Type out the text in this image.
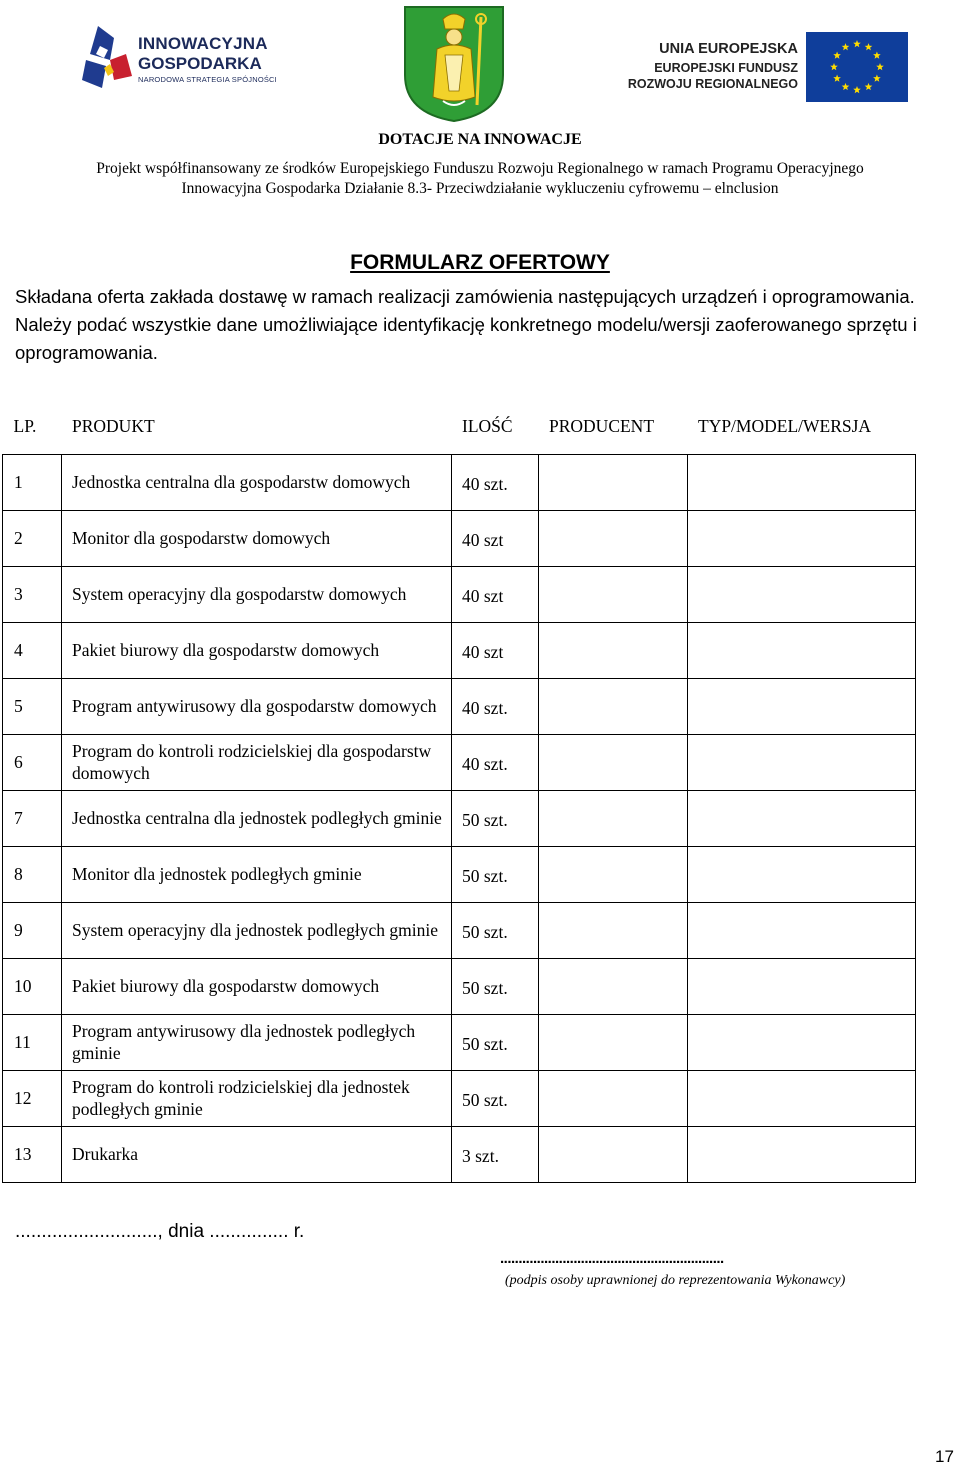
INNOWACYJNA
GOSPODARKA
NARODOWA STRATEGIA SPÓJNOŚCI
UNIA EUROPEJSKA
EUROPEJSKI FUNDUSZ
ROZWOJU REGIONALNEGO
DOTACJE NA INNOWACJE
Projekt współfinansowany ze środków Europejskiego Funduszu Rozwoju Regionalnego w ramach Programu Operacyjnego
Innowacyjna Gospodarka Działanie 8.3- Przeciwdziałanie wykluczeniu cyfrowemu – elnclusion
FORMULARZ OFERTOWY
Składana oferta zakłada dostawę w ramach realizacji zamówienia następujących urządzeń i oprogramowania. Należy podać wszystkie dane umożliwiające identyfikację konkretnego modelu/wersji zaoferowanego sprzętu i oprogramowania.
LP.	PRODUKT	ILOŚĆ	PRODUCENT	TYP/MODEL/WERSJA
1	Jednostka centralna dla gospodarstw domowych	40 szt.		
2	Monitor dla gospodarstw domowych	40 szt		
3	System operacyjny dla gospodarstw domowych	40 szt		
4	Pakiet biurowy dla gospodarstw domowych	40 szt		
5	Program antywirusowy dla gospodarstw domowych	40 szt.		
6	Program do kontroli rodzicielskiej dla gospodarstw domowych	40 szt.		
7	Jednostka centralna dla jednostek podległych gminie	50 szt.		
8	Monitor dla jednostek podległych gminie	50 szt.		
9	System operacyjny dla jednostek podległych gminie	50 szt.		
10	Pakiet biurowy dla gospodarstw domowych	50 szt.		
11	Program antywirusowy dla jednostek podległych gminie	50 szt.		
12	Program do kontroli rodzicielskiej dla jednostek podległych gminie	50 szt.		
13	Drukarka	3 szt.		
..........................., dnia ............... r.
.............................................................
(podpis osoby uprawnionej do reprezentowania Wykonawcy)
17
